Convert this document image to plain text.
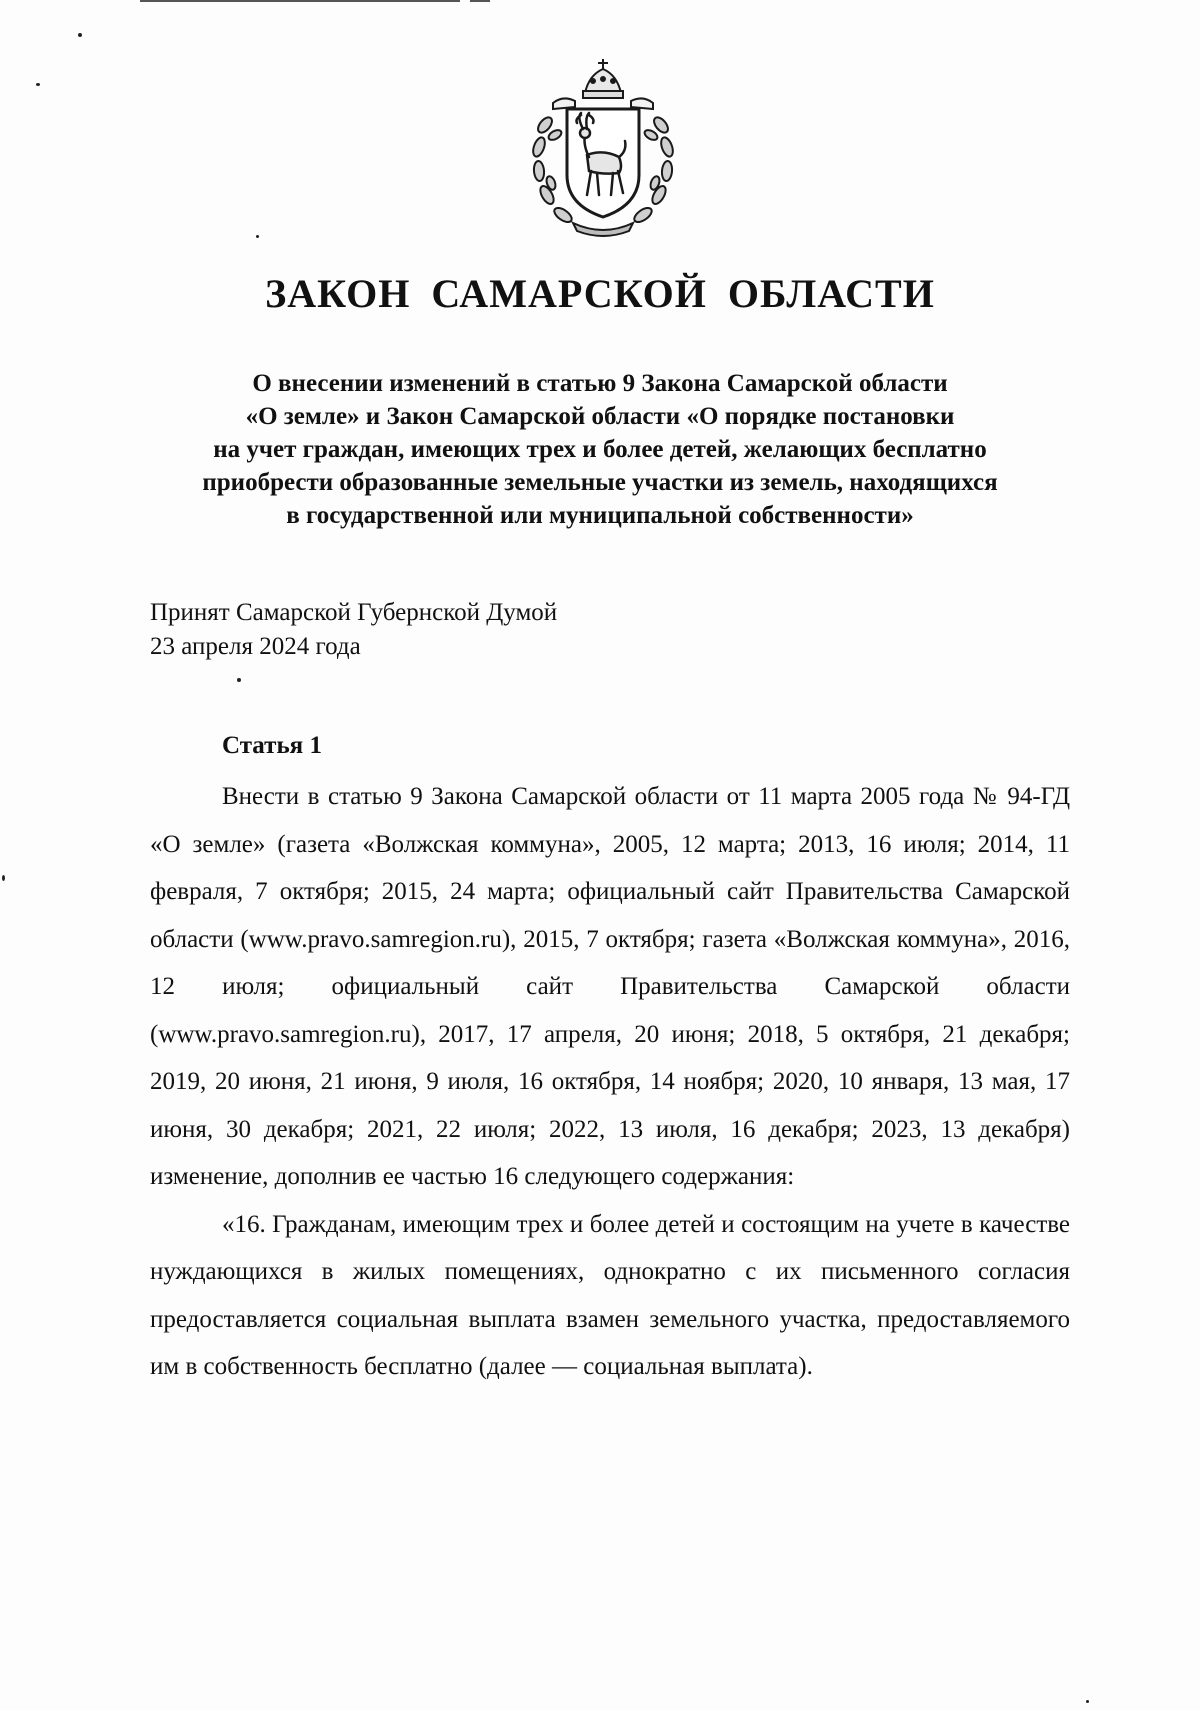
ЗАКОН САМАРСКОЙ ОБЛАСТИ
О внесении изменений в статью 9 Закона Самарской области
«О земле» и Закон Самарской области «О порядке постановки
на учет граждан, имеющих трех и более детей, желающих бесплатно
приобрести образованные земельные участки из земель, находящихся
в государственной или муниципальной собственности»
Принят Самарской Губернской Думой
23 апреля 2024 года
Статья 1

Внести в статью 9 Закона Самарской области от 11 марта 2005 года № 94-ГД «О земле» (газета «Волжская коммуна», 2005, 12 марта; 2013, 16 июля; 2014, 11 февраля, 7 октября; 2015, 24 марта; официальный сайт Правительства Самарской области (www.pravo.samregion.ru), 2015, 7 октября; газета «Волжская коммуна», 2016, 12 июля; официальный сайт Правительства Самарской области (www.pravo.samregion.ru), 2017, 17 апреля, 20 июня; 2018, 5 октября, 21 декабря; 2019, 20 июня, 21 июня, 9 июля, 16 октября, 14 ноября; 2020, 10 января, 13 мая, 17 июня, 30 декабря; 2021, 22 июля; 2022, 13 июля, 16 декабря; 2023, 13 декабря) изменение, дополнив ее частью 16 следующего содержания:

«16. Гражданам, имеющим трех и более детей и состоящим на учете в качестве нуждающихся в жилых помещениях, однократно с их письменного согласия предоставляется социальная выплата взамен земельного участка, предоставляемого им в собственность бесплатно (далее — социальная выплата).
